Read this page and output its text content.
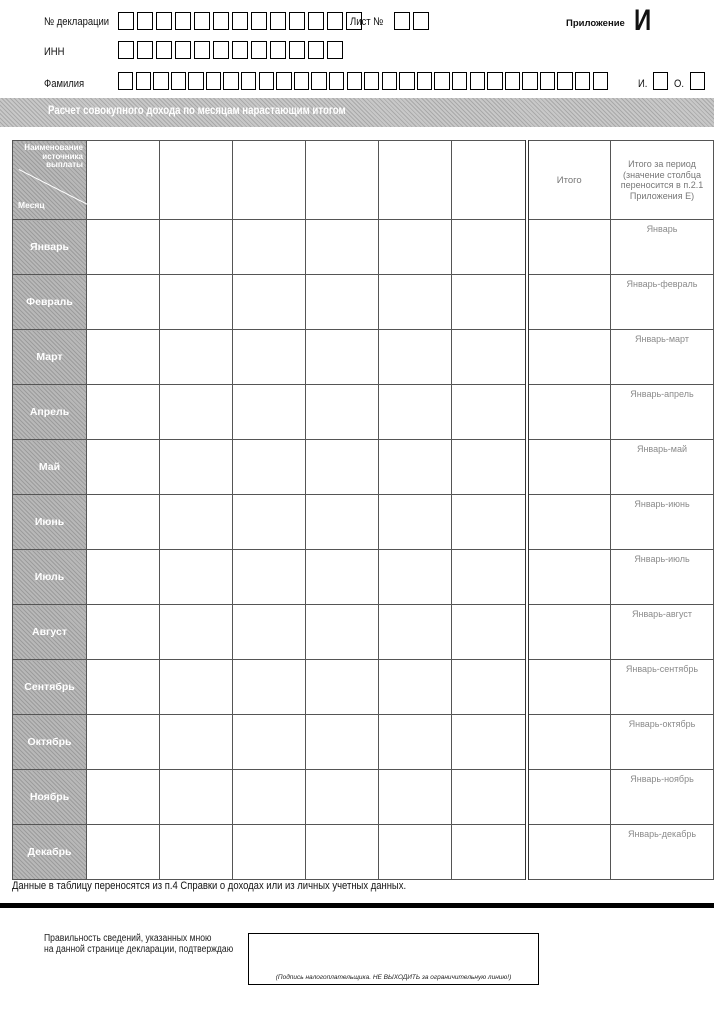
№ декларации	Лист №	Приложение И
ИНН
Фамилия	И. О.
Расчет совокупного дохода по месяцам нарастающим итогом
Наименование источника выплаты
Месяц							Итого	Итого за период (значение столбца переносится в п.2.1 Приложения Е)

Январь								Январь

Февраль								Январь-февраль

Март								Январь-март

Апрель								Январь-апрель

Май								Январь-май

Июнь								Январь-июнь

Июль								Январь-июль

Август								Январь-август

Сентябрь								Январь-сентябрь

Октябрь								Январь-октябрь

Ноябрь								Январь-ноябрь

Декабрь								Январь-декабрь
Данные в таблицу переносятся из п.4 Справки о доходах или из личных учетных данных.
Правильность сведений, указанных мною
на данной странице декларации, подтверждаю
(Подпись налогоплательщика. НЕ ВЫХОДИТЬ за ограничительную линию!)
